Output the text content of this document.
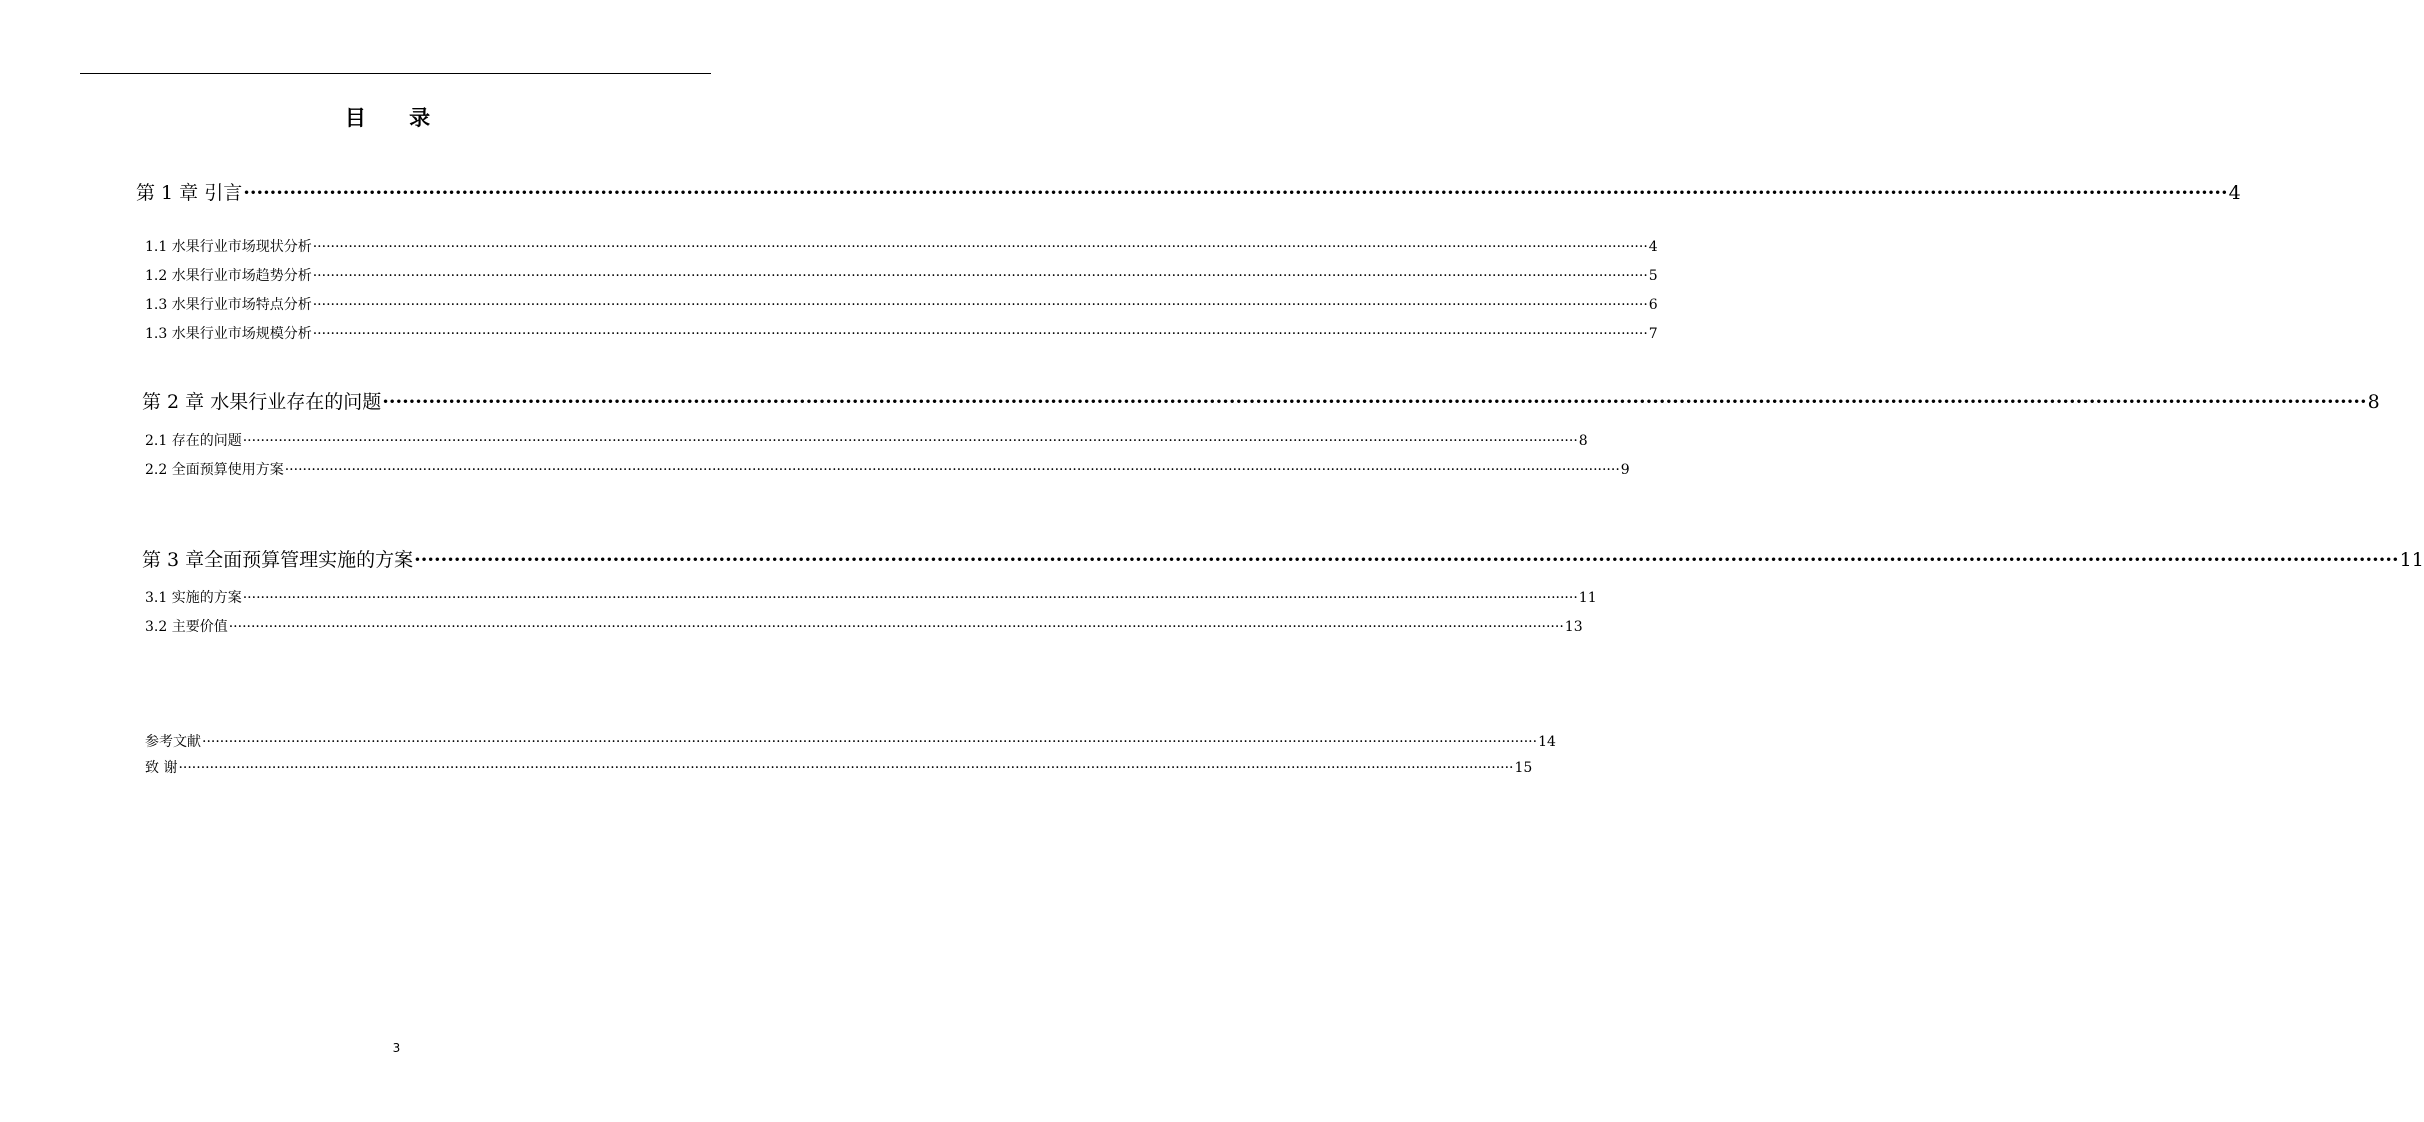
目 录
第 1 章 引言 ············································································································································································································································································································ 4
1.1 水果行业市场现状分析 ············································································································································································································································································································ 4
1.2 水果行业市场趋势分析 ············································································································································································································································································································ 5
1.3 水果行业市场特点分析 ············································································································································································································································································································ 6
1.3 水果行业市场规模分析 ············································································································································································································································································································ 7
第 2 章 水果行业存在的问题 ············································································································································································································································································································ 8
2.1 存在的问题 ············································································································································································································································································································ 8
2.2 全面预算使用方案 ············································································································································································································································································································ 9
第 3 章全面预算管理实施的方案 ············································································································································································································································································································ 11
3.1 实施的方案 ············································································································································································································································································································ 11
3.2 主要价值 ············································································································································································································································································································ 13
参考文献 ············································································································································································································································································································ 14
致 谢 ············································································································································································································································································································ 15
3
